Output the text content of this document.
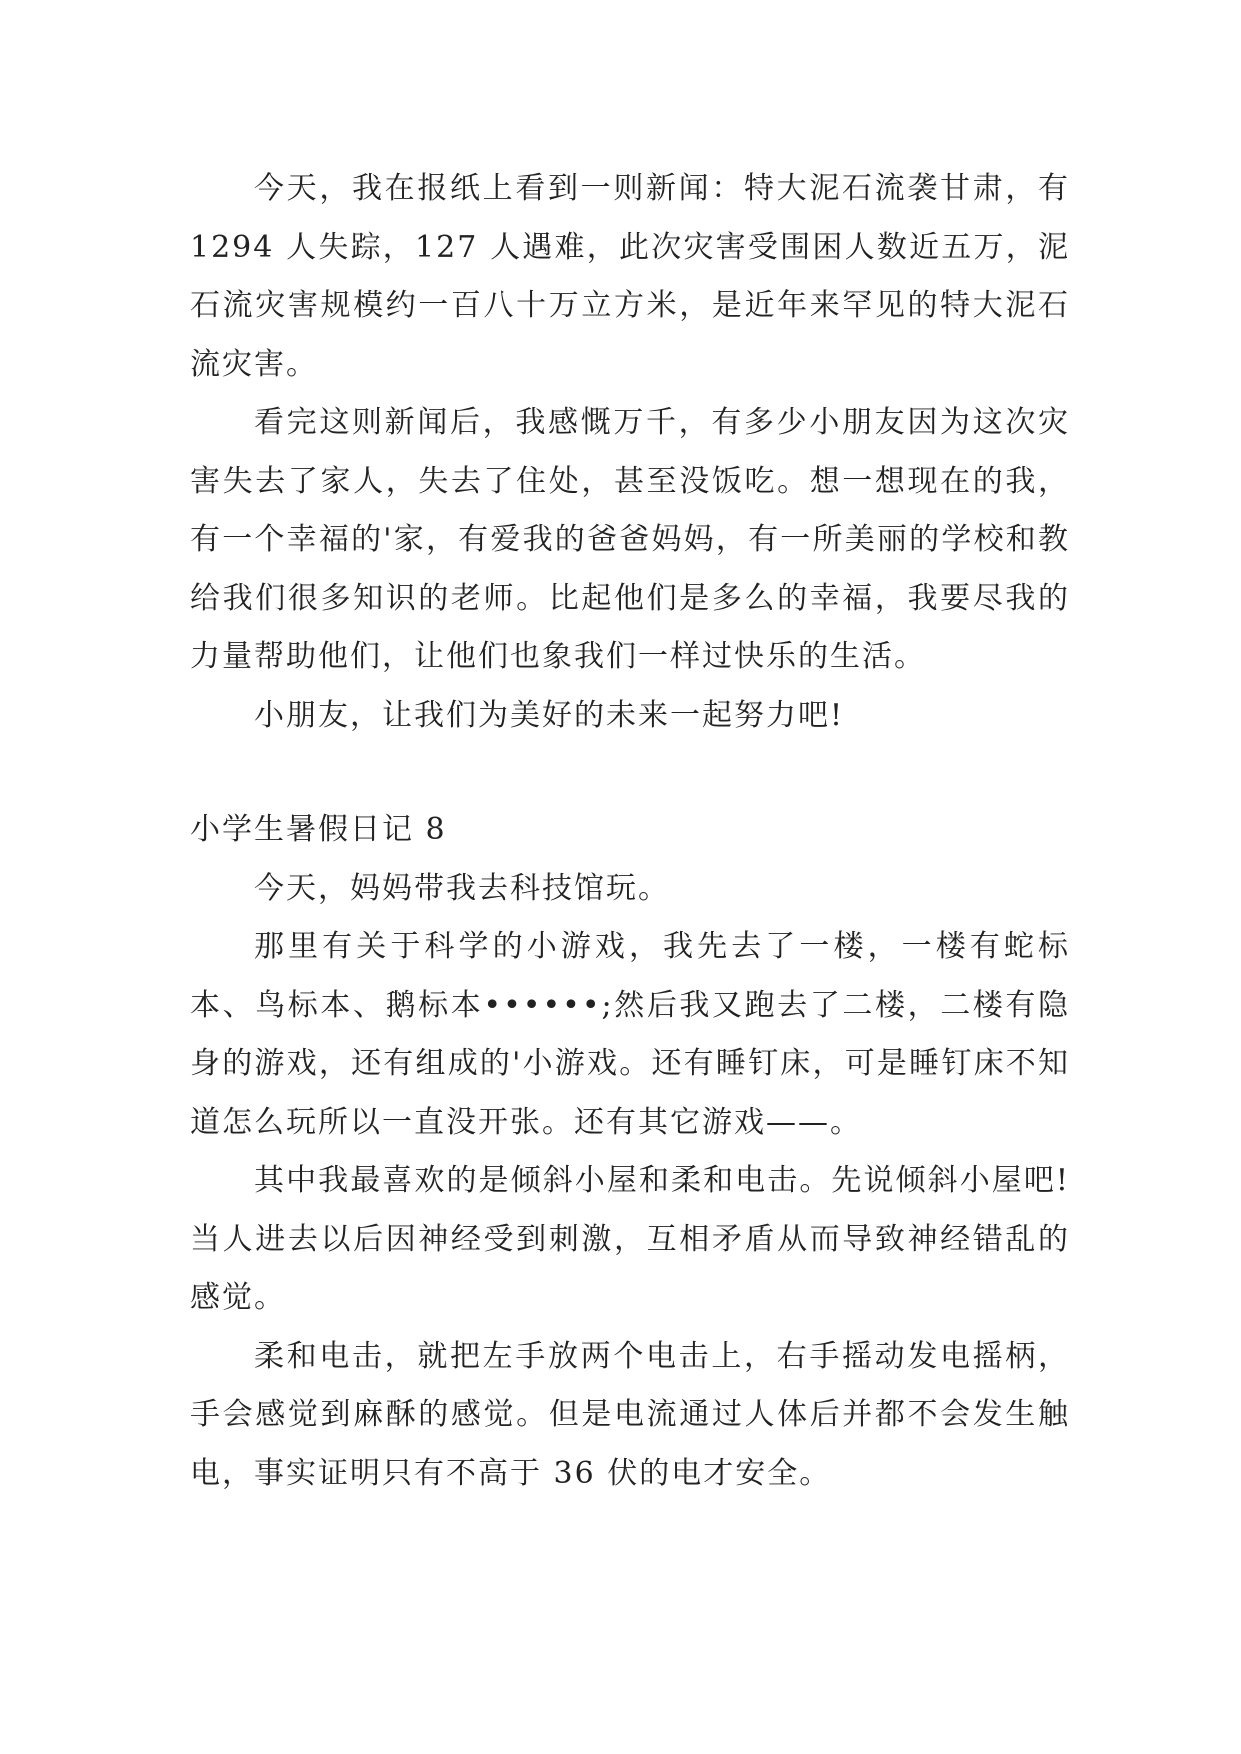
今天，我在报纸上看到一则新闻：特大泥石流袭甘肃，有 1294 人失踪，127 人遇难，此次灾害受围困人数近五万，泥石流灾害规模约一百八十万立方米，是近年来罕见的特大泥石流灾害。

看完这则新闻后，我感慨万千，有多少小朋友因为这次灾害失去了家人，失去了住处，甚至没饭吃。想一想现在的我，有一个幸福的'家，有爱我的爸爸妈妈，有一所美丽的学校和教给我们很多知识的老师。比起他们是多么的幸福，我要尽我的力量帮助他们，让他们也象我们一样过快乐的生活。

小朋友，让我们为美好的未来一起努力吧!

小学生暑假日记 8

今天，妈妈带我去科技馆玩。

那里有关于科学的小游戏，我先去了一楼，一楼有蛇标本、鸟标本、鹅标本••••••;然后我又跑去了二楼，二楼有隐身的游戏，还有组成的'小游戏。还有睡钉床，可是睡钉床不知道怎么玩所以一直没开张。还有其它游戏——。

其中我最喜欢的是倾斜小屋和柔和电击。先说倾斜小屋吧!当人进去以后因神经受到刺激，互相矛盾从而导致神经错乱的感觉。

柔和电击，就把左手放两个电击上，右手摇动发电摇柄，手会感觉到麻酥的感觉。但是电流通过人体后并都不会发生触电，事实证明只有不高于 36 伏的电才安全。
